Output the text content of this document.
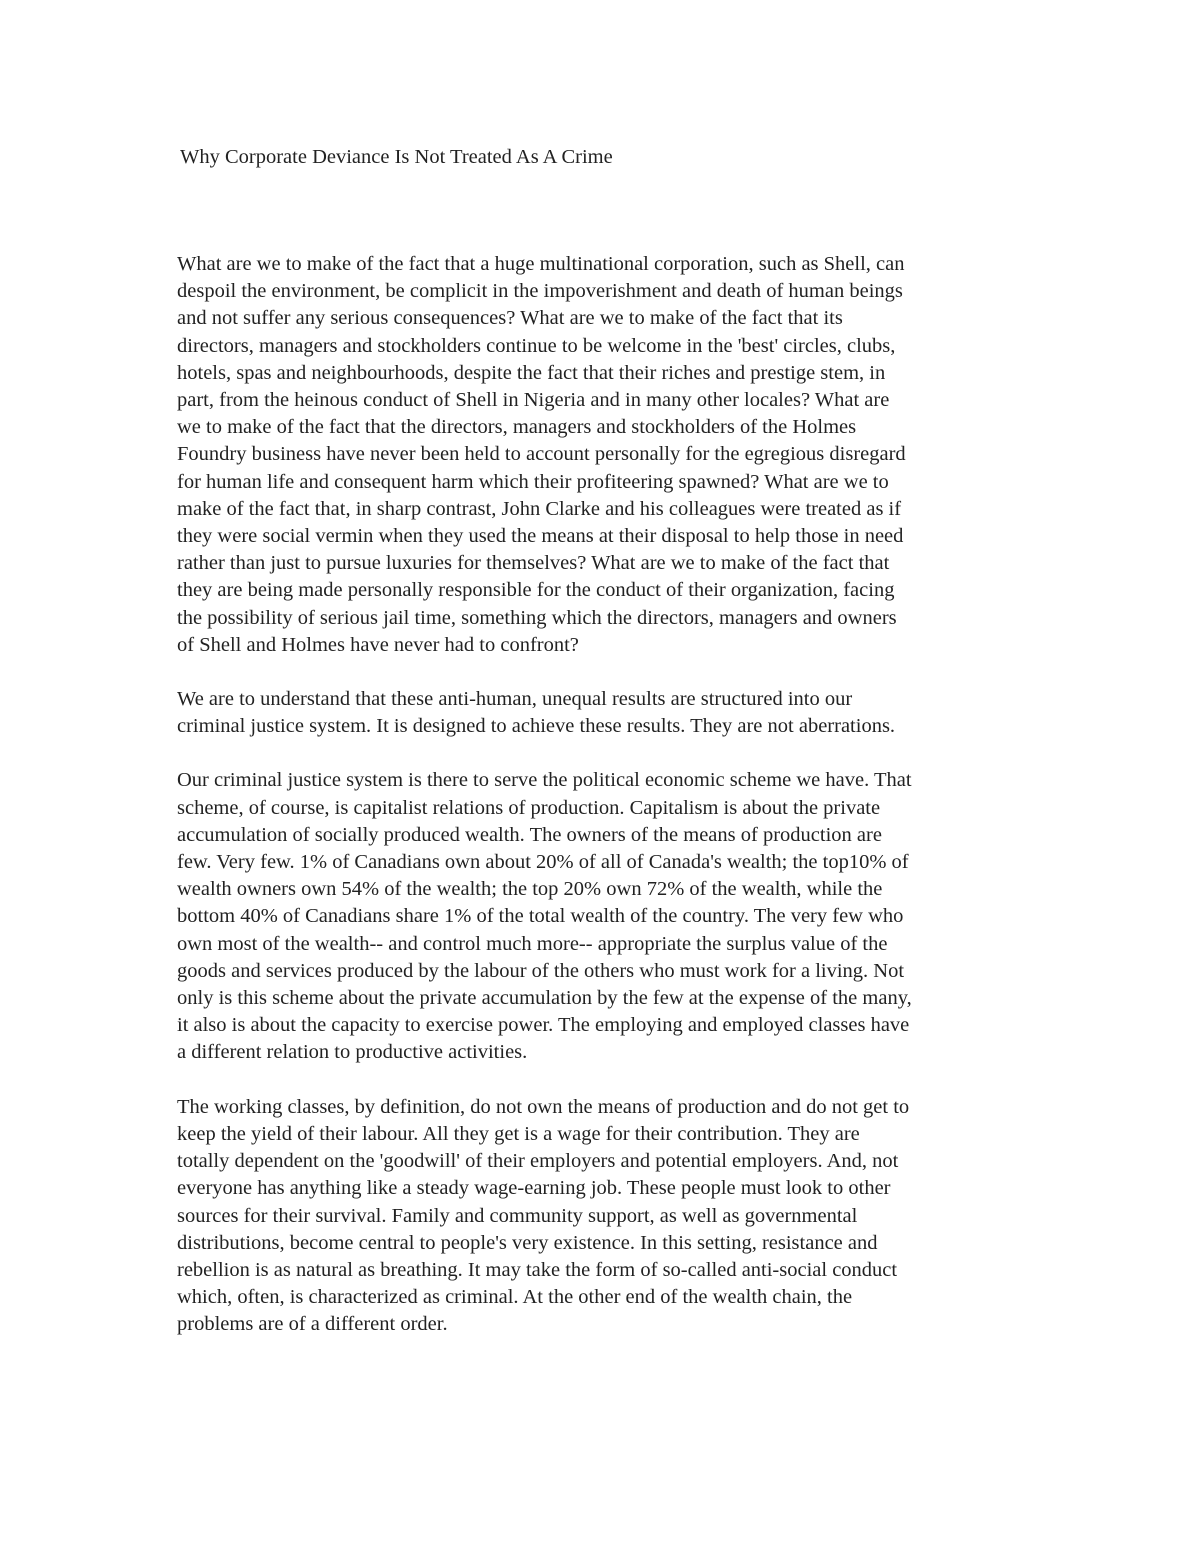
Why Corporate Deviance Is Not Treated As A Crime
What are we to make of the fact that a huge multinational corporation, such as Shell, can
despoil the environment, be complicit in the impoverishment and death of human beings
and not suffer any serious consequences? What are we to make of the fact that its
directors, managers and stockholders continue to be welcome in the 'best' circles, clubs,
hotels, spas and neighbourhoods, despite the fact that their riches and prestige stem, in
part, from the heinous conduct of Shell in Nigeria and in many other locales? What are
we to make of the fact that the directors, managers and stockholders of the Holmes
Foundry business have never been held to account personally for the egregious disregard
for human life and consequent harm which their profiteering spawned? What are we to
make of the fact that, in sharp contrast, John Clarke and his colleagues were treated as if
they were social vermin when they used the means at their disposal to help those in need
rather than just to pursue luxuries for themselves? What are we to make of the fact that
they are being made personally responsible for the conduct of their organization, facing
the possibility of serious jail time, something which the directors, managers and owners
of Shell and Holmes have never had to confront?
We are to understand that these anti-human, unequal results are structured into our
criminal justice system. It is designed to achieve these results. They are not aberrations.
Our criminal justice system is there to serve the political economic scheme we have. That
scheme, of course, is capitalist relations of production. Capitalism is about the private
accumulation of socially produced wealth. The owners of the means of production are
few. Very few. 1% of Canadians own about 20% of all of Canada's wealth; the top10% of
wealth owners own 54% of the wealth; the top 20% own 72% of the wealth, while the
bottom 40% of Canadians share 1% of the total wealth of the country. The very few who
own most of the wealth-- and control much more-- appropriate the surplus value of the
goods and services produced by the labour of the others who must work for a living. Not
only is this scheme about the private accumulation by the few at the expense of the many,
it also is about the capacity to exercise power. The employing and employed classes have
a different relation to productive activities.
The working classes, by definition, do not own the means of production and do not get to
keep the yield of their labour. All they get is a wage for their contribution. They are
totally dependent on the 'goodwill' of their employers and potential employers. And, not
everyone has anything like a steady wage-earning job. These people must look to other
sources for their survival. Family and community support, as well as governmental
distributions, become central to people's very existence. In this setting, resistance and
rebellion is as natural as breathing. It may take the form of so-called anti-social conduct
which, often, is characterized as criminal. At the other end of the wealth chain, the
problems are of a different order.
